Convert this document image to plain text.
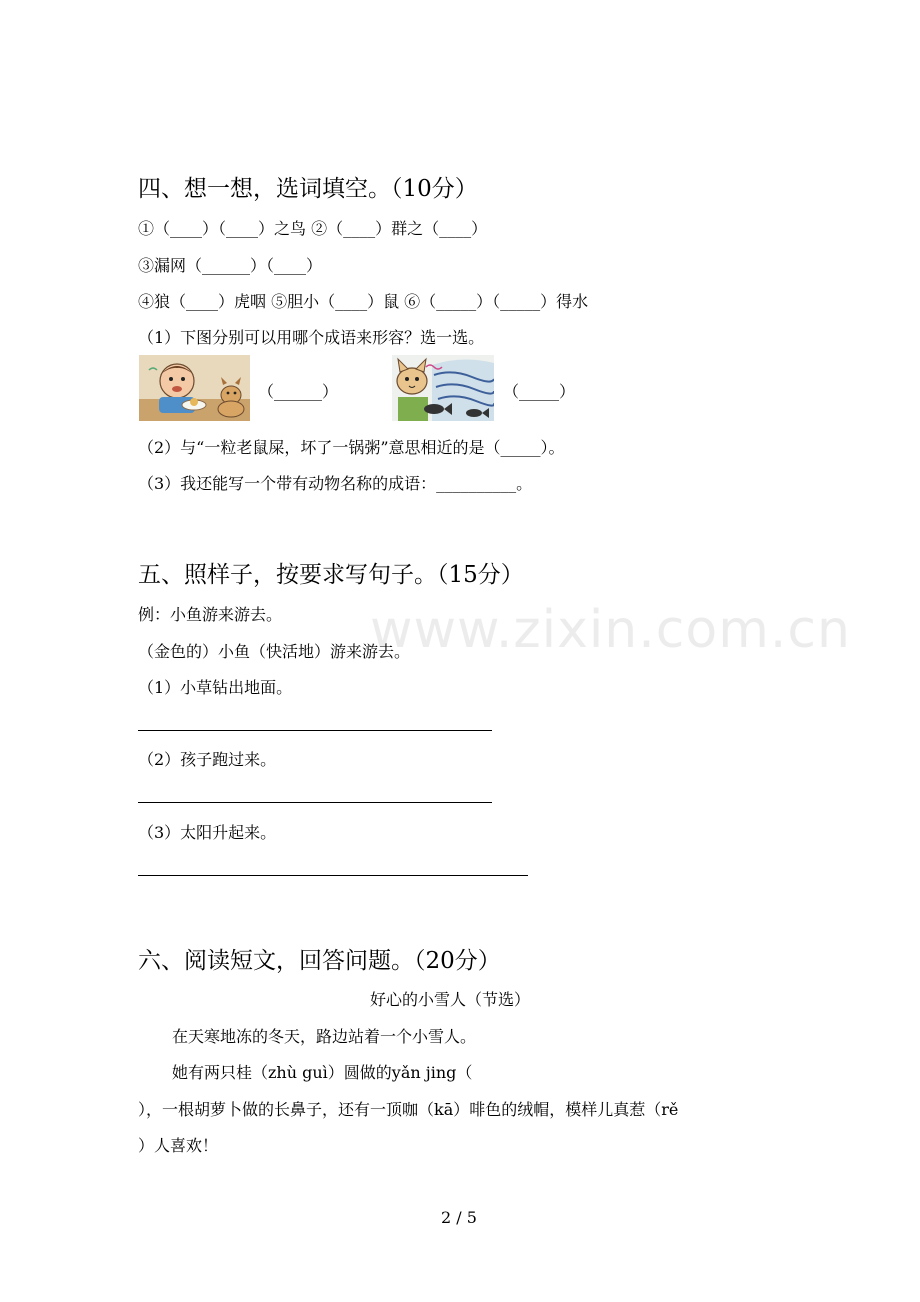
www.zixin.com.cn
四、想一想，选词填空。（10分）
①（____）（____）之鸟 ②（____）群之（____）
③漏网（______）（____）
④狼（____）虎咽 ⑤胆小（____）鼠 ⑥（_____）（_____）得水
（1）下图分别可以用哪个成语来形容？选一选。
（______）	（_____）
（2）与“一粒老鼠屎，坏了一锅粥”意思相近的是（_____）。
（3）我还能写一个带有动物名称的成语：__________。
五、照样子，按要求写句子。（15分）
例：小鱼游来游去。
（金色的）小鱼（快活地）游来游去。
（1）小草钻出地面。
（2）孩子跑过来。
（3）太阳升起来。
六、阅读短文，回答问题。（20分）
好心的小雪人（节选）
在天寒地冻的冬天，路边站着一个小雪人。
她有两只桂（zhù guì）圆做的yǎn jing（
），一根胡萝卜做的长鼻子，还有一顶咖（kā）啡色的绒帽，模样儿真惹（rě
）人喜欢！
2 / 5
